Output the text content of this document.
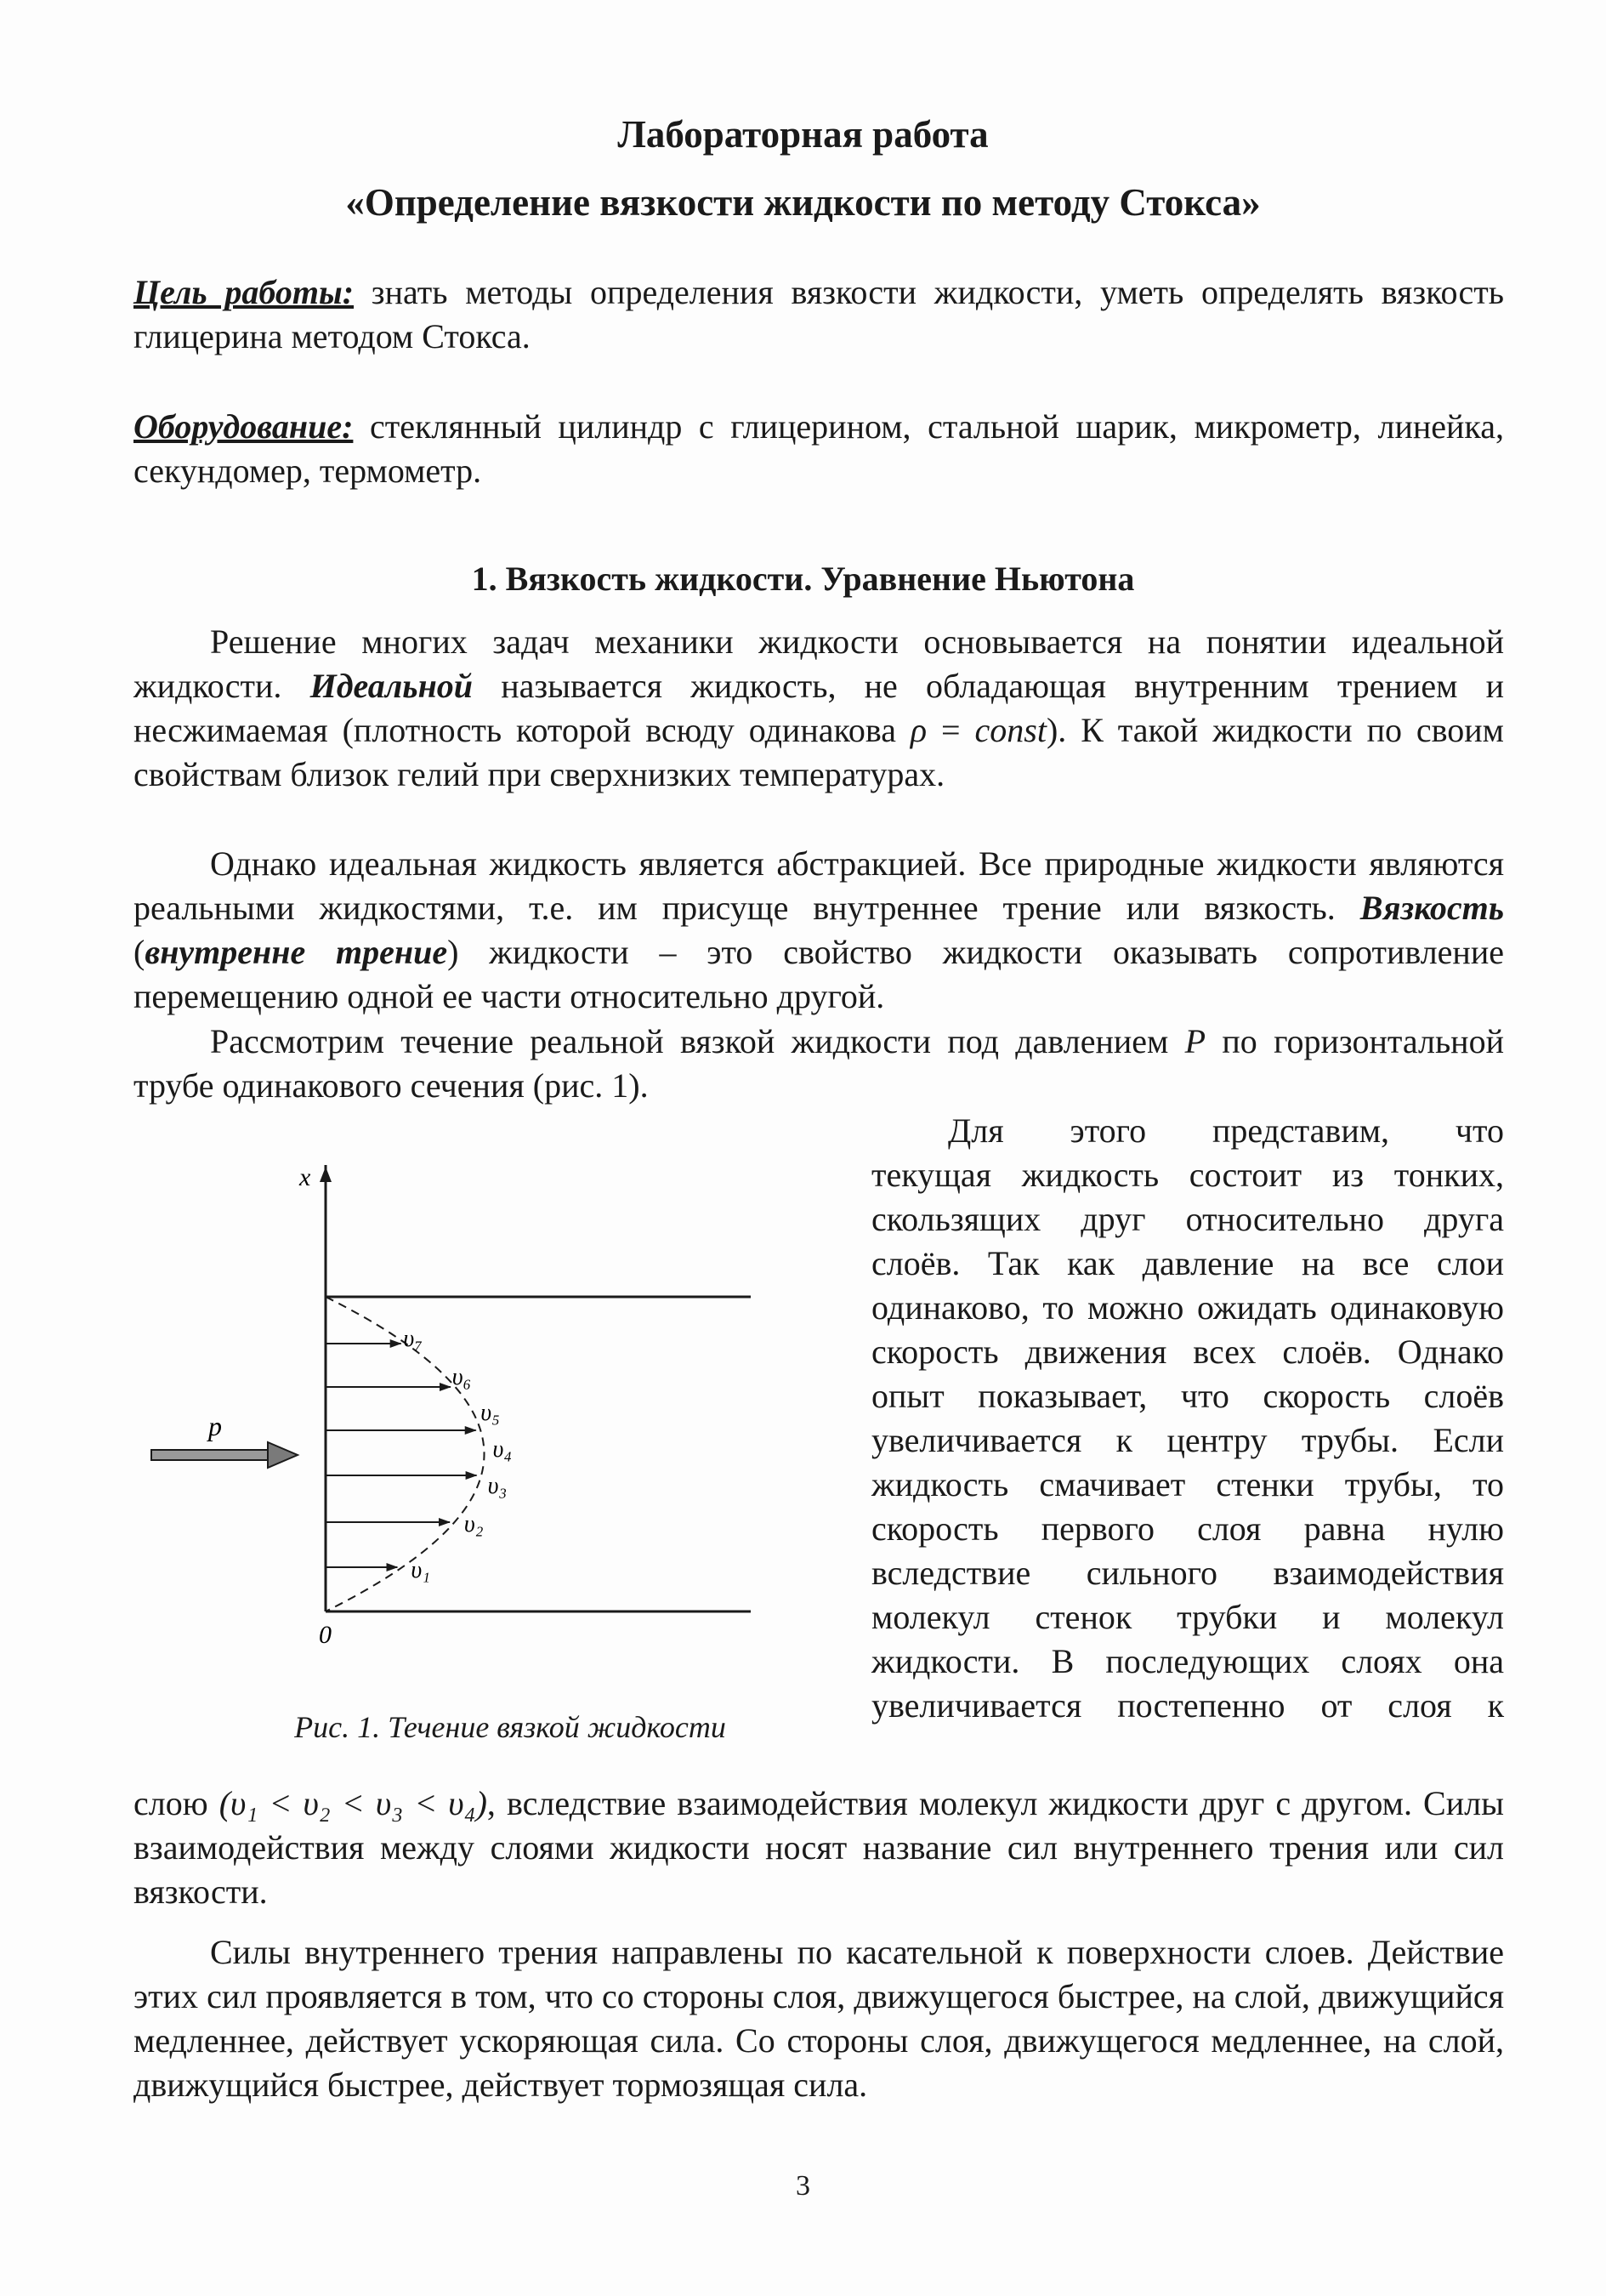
Лабораторная работа
«Определение вязкости жидкости по методу Стокса»
Цель работы: знать методы определения вязкости жидкости, уметь определять вязкость глицерина методом Стокса.
Оборудование: стеклянный цилиндр с глицерином, стальной шарик, микрометр, линейка, секундомер, термометр.
1. Вязкость жидкости. Уравнение Ньютона
Решение многих задач механики жидкости основывается на понятии идеальной жидкости. Идеальной называется жидкость, не обладающая внутренним трением и несжимаемая (плотность которой всюду одинакова ρ = const). К такой жидкости по своим свойствам близок гелий при сверхнизких температурах.
Однако идеальная жидкость является абстракцией. Все природные жидкости являются реальными жидкостями, т.е. им присуще внутреннее трение или вязкость. Вязкость (внутренне трение) жидкости – это свойство жидкости оказывать сопротивление перемещению одной ее части относительно другой.
Рассмотрим течение реальной вязкой жидкости под давлением P по горизонтальной трубе одинакового сечения (рис. 1).
Для этого представим, что
текущая жидкость состоит из тонких, скользящих друг относительно друга слоёв. Так как давление на все слои одинаково, то можно ожидать одинаковую скорость движения всех слоёв. Однако опыт показывает, что скорость слоёв увеличивается к центру трубы. Если жидкость смачивает стенки трубы, то скорость первого слоя равна нулю вследствие сильного взаимодействия молекул стенок трубки и молекул жидкости. В последующих слоях она увеличивается постепенно от слоя к
слою (υ₁ < υ₂ < υ₃ < υ₄), вследствие взаимодействия молекул жидкости друг с другом. Силы взаимодействия между слоями жидкости носят название сил внутреннего трения или сил вязкости.
Силы внутреннего трения направлены по касательной к поверхности слоев. Действие этих сил проявляется в том, что со стороны слоя, движущегося быстрее, на слой, движущийся медленнее, действует ускоряющая сила. Со стороны слоя, движущегося медленнее, на слой, движущийся быстрее, действует тормозящая сила.
x
0
υ₁
υ₂
υ₃
υ₄
υ₅
υ₆
υ₇
p
Рис. 1. Течение вязкой жидкости
3
